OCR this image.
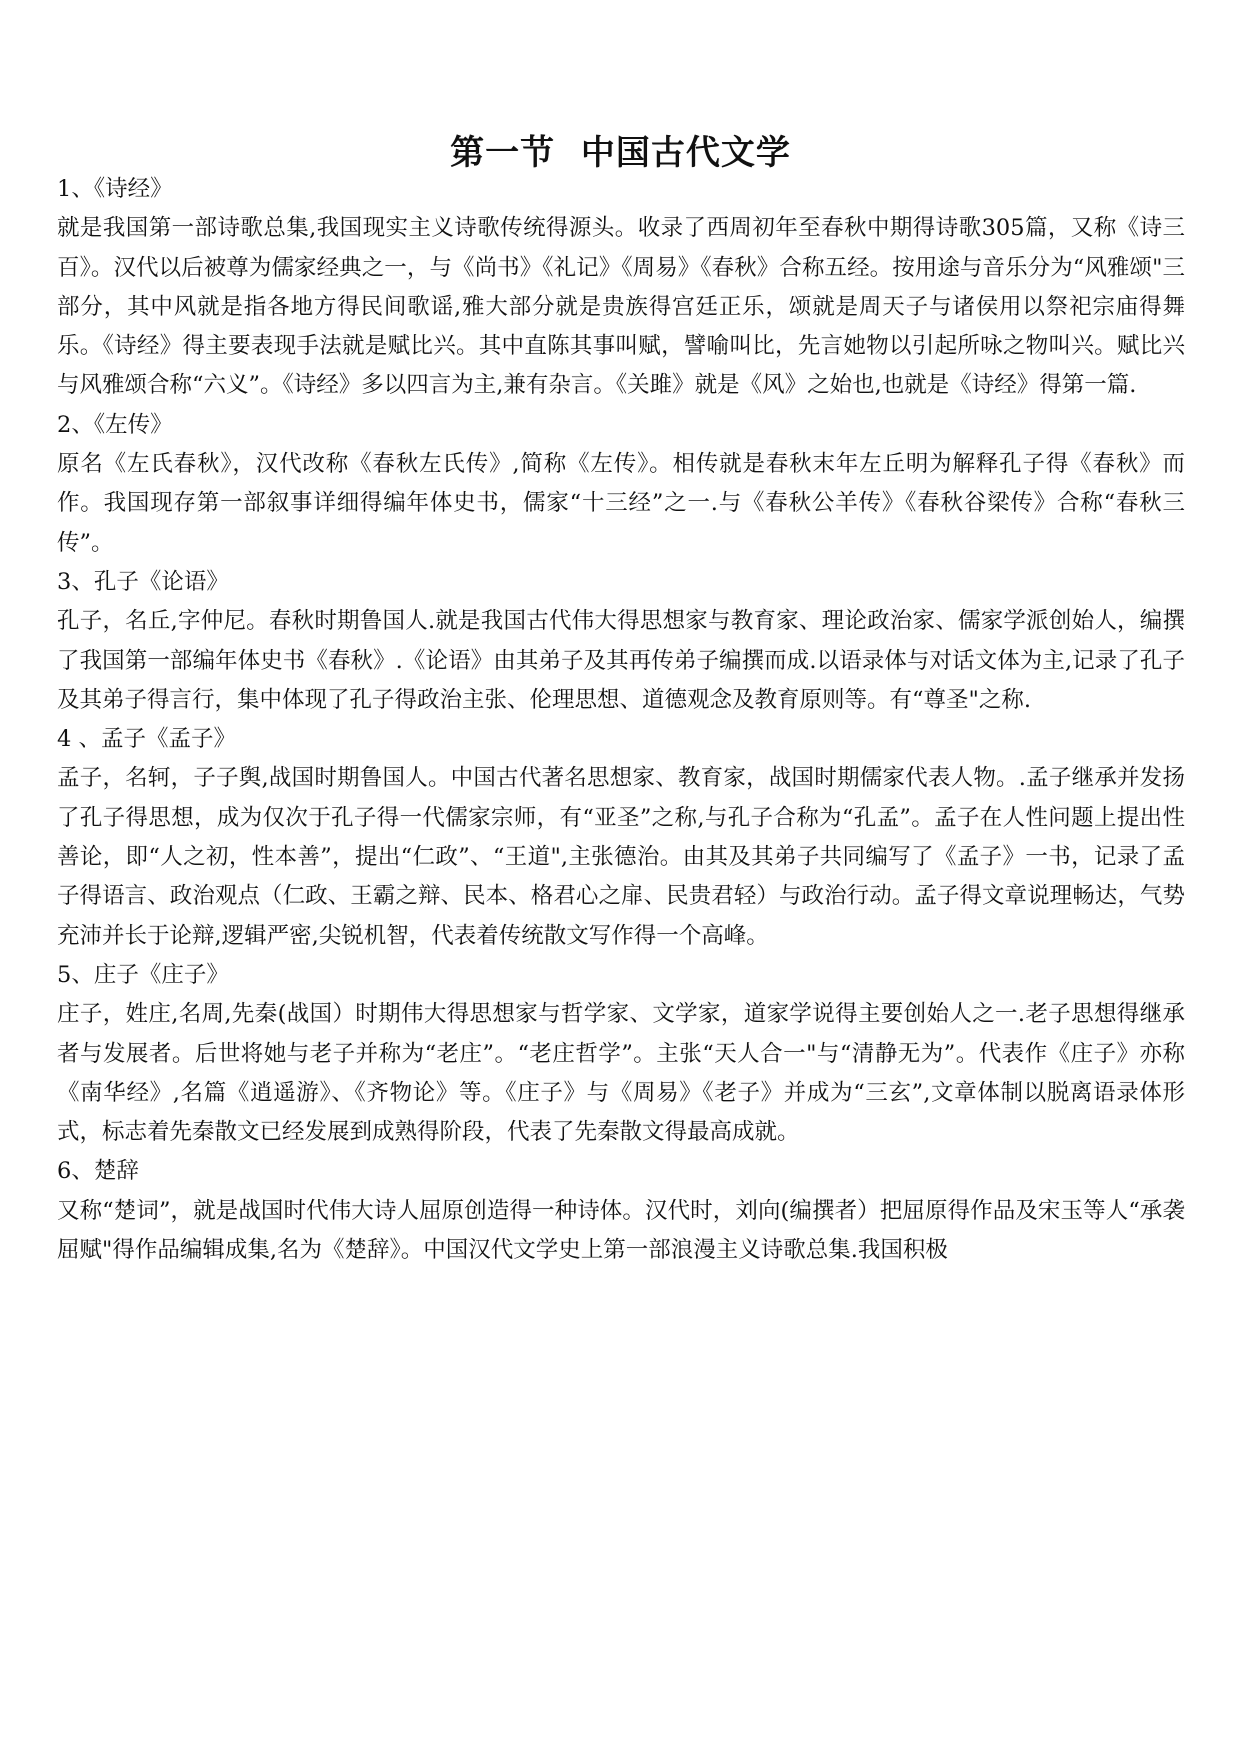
第一节  中国古代文学

1、《诗经》

就是我国第一部诗歌总集,我国现实主义诗歌传统得源头。收录了西周初年至春秋中期得诗歌305篇，又称《诗三百》。汉代以后被尊为儒家经典之一，与《尚书》《礼记》《周易》《春秋》合称五经。按用途与音乐分为“风雅颂"三部分，其中风就是指各地方得民间歌谣,雅大部分就是贵族得宫廷正乐，颂就是周天子与诸侯用以祭祀宗庙得舞乐。《诗经》得主要表现手法就是赋比兴。其中直陈其事叫赋，譬喻叫比，先言她物以引起所咏之物叫兴。赋比兴与风雅颂合称“六义”。《诗经》多以四言为主,兼有杂言。《关雎》就是《风》之始也,也就是《诗经》得第一篇.

2、《左传》

原名《左氏春秋》，汉代改称《春秋左氏传》,简称《左传》。相传就是春秋末年左丘明为解释孔子得《春秋》而作。我国现存第一部叙事详细得编年体史书，儒家“十三经”之一.与《春秋公羊传》《春秋谷梁传》合称“春秋三传”。

3、孔子《论语》

孔子，名丘,字仲尼。春秋时期鲁国人.就是我国古代伟大得思想家与教育家、理论政治家、儒家学派创始人，编撰了我国第一部编年体史书《春秋》.《论语》由其弟子及其再传弟子编撰而成.以语录体与对话文体为主,记录了孔子及其弟子得言行，集中体现了孔子得政治主张、伦理思想、道德观念及教育原则等。有“尊圣"之称.

4 、孟子《孟子》

孟子，名轲，子子舆,战国时期鲁国人。中国古代著名思想家、教育家，战国时期儒家代表人物。.孟子继承并发扬了孔子得思想，成为仅次于孔子得一代儒家宗师，有“亚圣”之称,与孔子合称为“孔孟”。孟子在人性问题上提出性善论，即“人之初，性本善”，提出“仁政”、“王道",主张德治。由其及其弟子共同编写了《孟子》一书，记录了孟子得语言、政治观点（仁政、王霸之辩、民本、格君心之扉、民贵君轻）与政治行动。孟子得文章说理畅达，气势充沛并长于论辩,逻辑严密,尖锐机智，代表着传统散文写作得一个高峰。

5、庄子《庄子》

庄子，姓庄,名周,先秦(战国）时期伟大得思想家与哲学家、文学家，道家学说得主要创始人之一.老子思想得继承者与发展者。后世将她与老子并称为“老庄”。“老庄哲学”。主张“天人合一"与“清静无为”。代表作《庄子》亦称《南华经》,名篇《逍遥游》、《齐物论》等。《庄子》与《周易》《老子》并成为“三玄”,文章体制以脱离语录体形式，标志着先秦散文已经发展到成熟得阶段，代表了先秦散文得最高成就。

6、楚辞

又称“楚词”，就是战国时代伟大诗人屈原创造得一种诗体。汉代时，刘向(编撰者）把屈原得作品及宋玉等人“承袭屈赋"得作品编辑成集,名为《楚辞》。中国汉代文学史上第一部浪漫主义诗歌总集.我国积极
